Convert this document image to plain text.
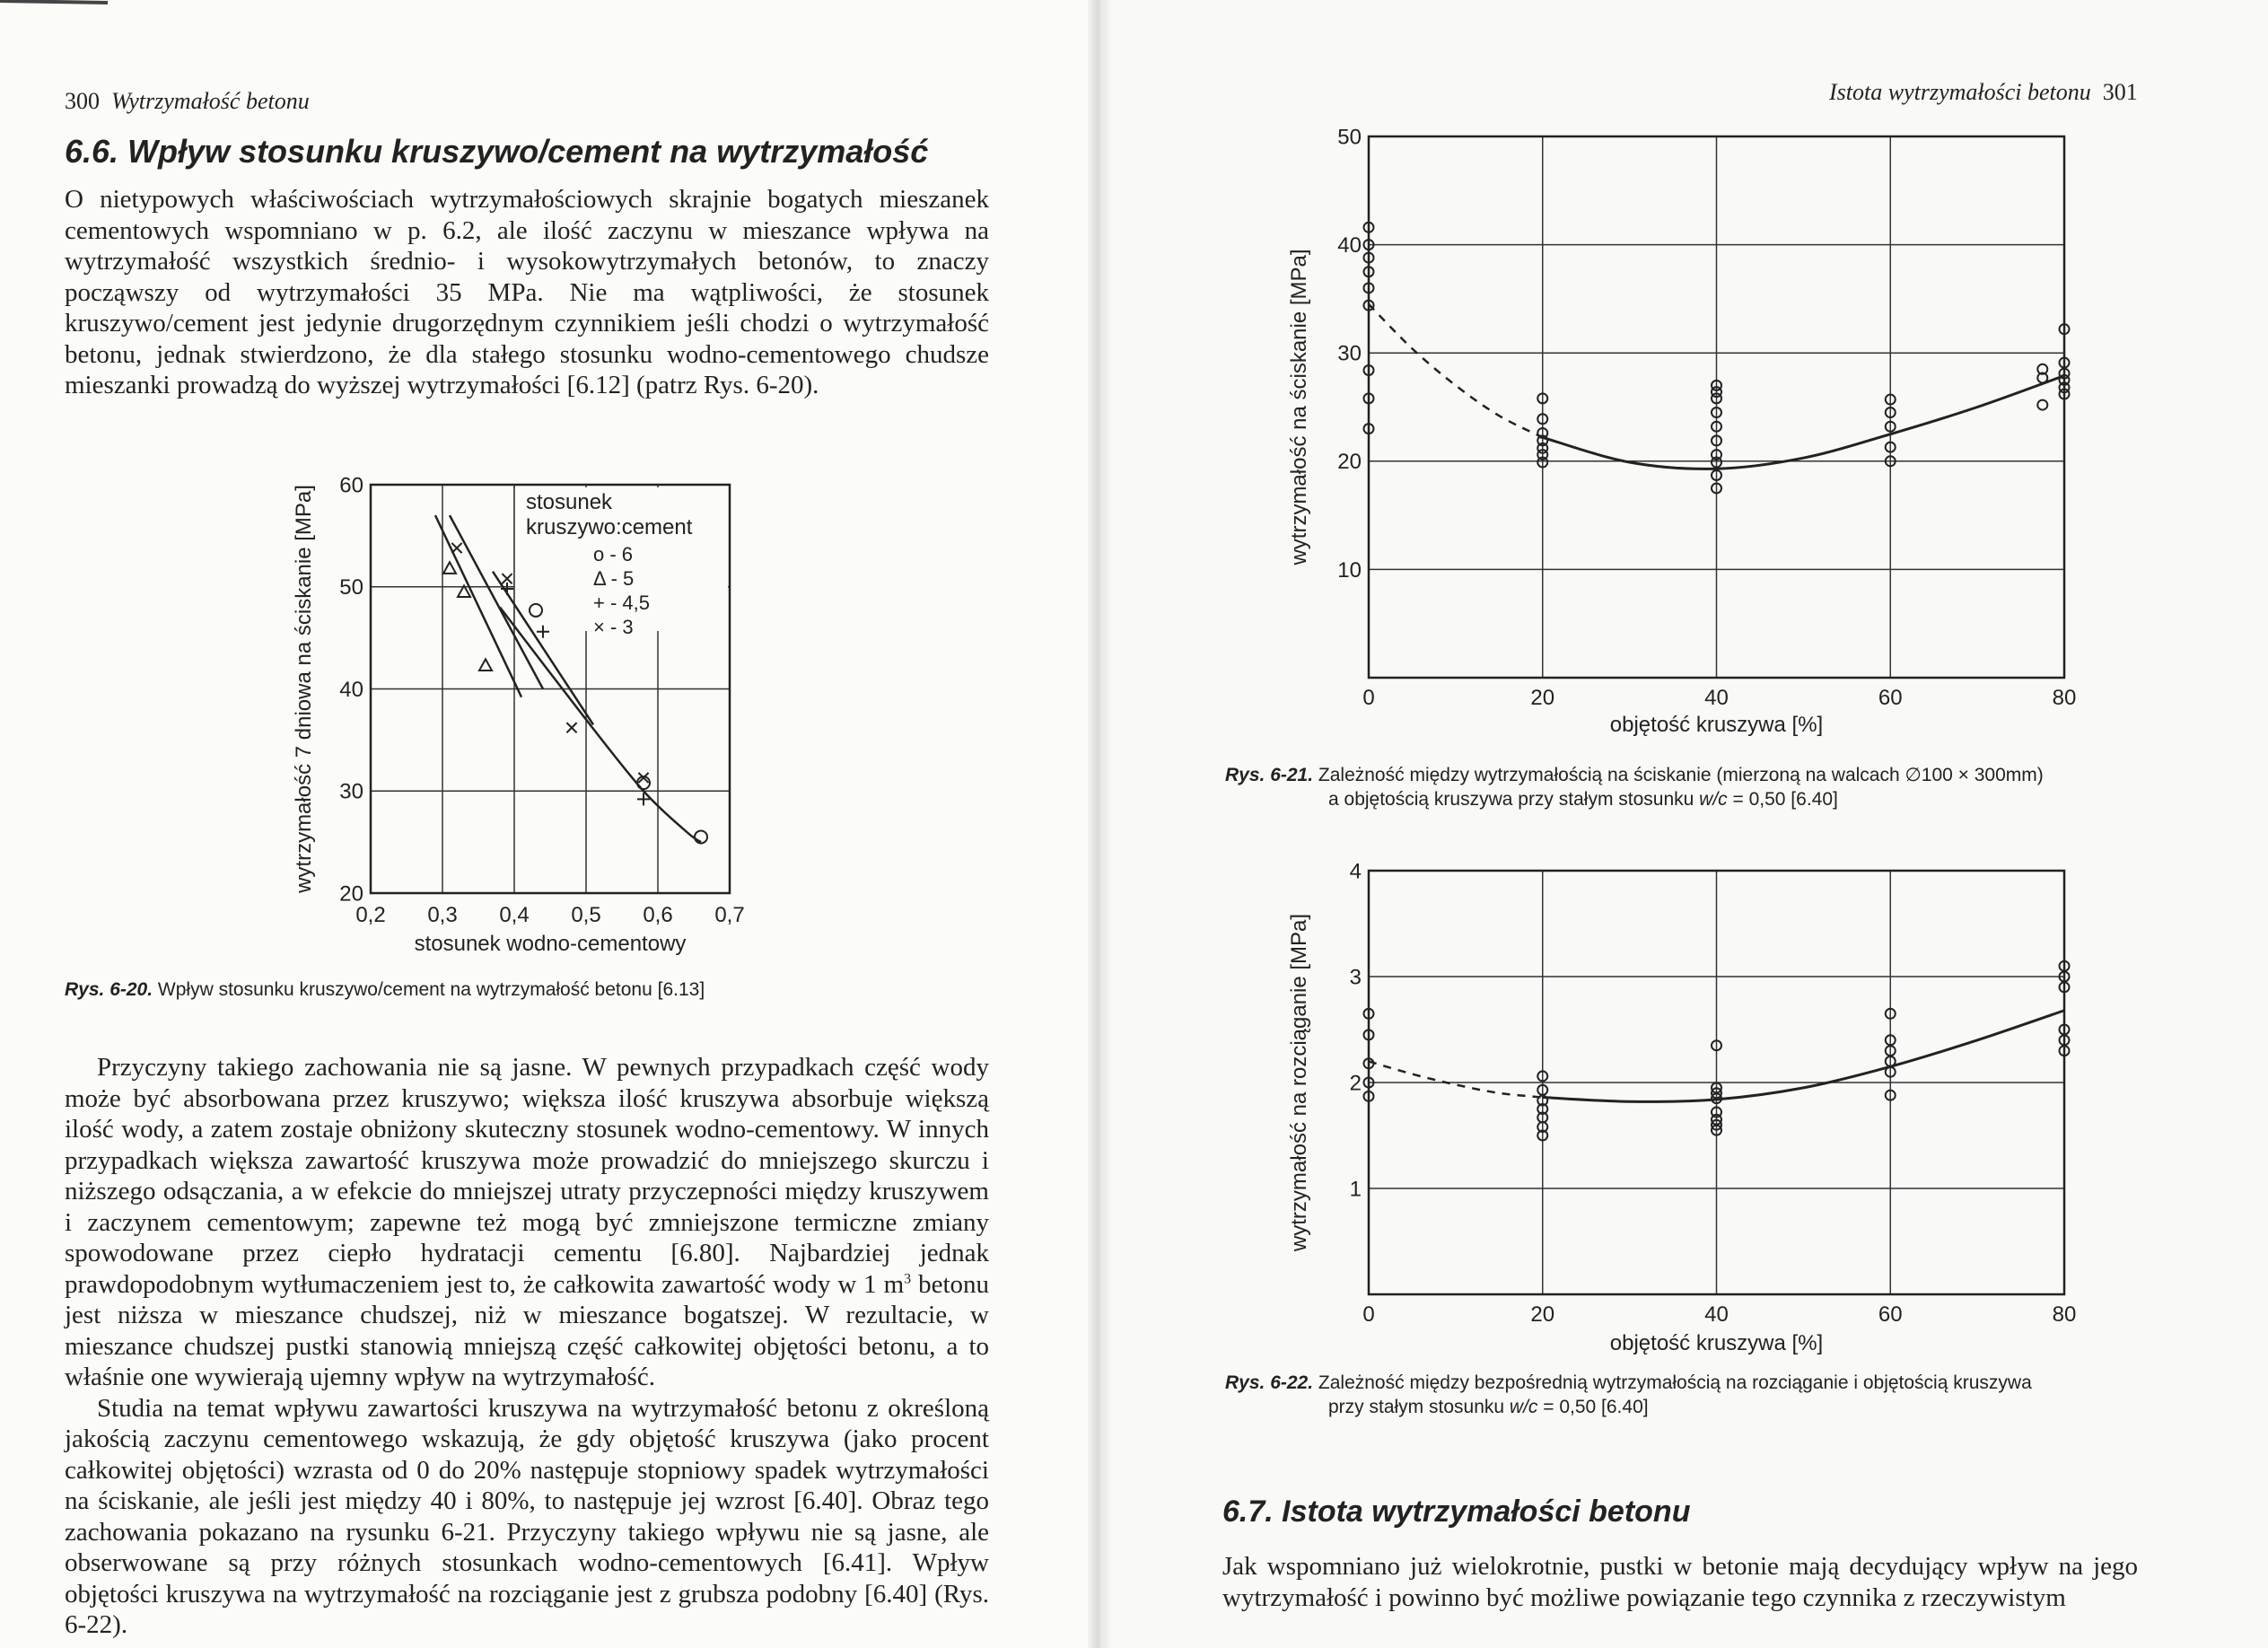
300 Wytrzymałość betonu
6.6. Wpływ stosunku kruszywo/cement na wytrzymałość

O nietypowych właściwościach wytrzymałościowych skrajnie bogatych mieszanek cementowych wspomniano w p. 6.2, ale ilość zaczynu w mieszance wpływa na wytrzymałość wszystkich średnio- i wysokowytrzymałych betonów, to znaczy począwszy od wytrzymałości 35 MPa. Nie ma wątpliwości, że stosunek kruszywo/cement jest jedynie drugorzędnym czynnikiem jeśli chodzi o wytrzymałość betonu, jednak stwierdzono, że dla stałego stosunku wodno-cementowego chudsze mieszanki prowadzą do wyższej wytrzymałości [6.12] (patrz Rys. 6-20).

0,2 0,3 0,4 0,5 0,6 0,7
20
30
40
50
60
stosunek wodno-cementowy
wytrzymałość 7 dniowa na ściskanie [MPa]	stosunek
kruszywo:cement
o - 6
Δ - 5
+ - 4,5
× - 3
Rys. 6-20. Wpływ stosunku kruszywo/cement na wytrzymałość betonu [6.13]

Przyczyny takiego zachowania nie są jasne. W pewnych przypadkach część wody może być absorbowana przez kruszywo; większa ilość kruszywa absorbuje większą ilość wody, a zatem zostaje obniżony skuteczny stosunek wodno-cementowy. W innych przypadkach większa zawartość kruszywa może prowadzić do mniejszego skurczu i niższego odsączania, a w efekcie do mniejszej utraty przyczepności między kruszywem i zaczynem cementowym; zapewne też mogą być zmniejszone termiczne zmiany spowodowane przez ciepło hydratacji cementu [6.80]. Najbardziej jednak prawdopodobnym wytłumaczeniem jest to, że całkowita zawartość wody w 1 $m^3$ betonu jest niższa w mieszance chudszej, niż w mieszance bogatszej. W rezultacie, w mieszance chudszej pustki stanowią mniejszą część całkowitej objętości betonu, a to właśnie one wywierają ujemny wpływ na wytrzymałość.

Studia na temat wpływu zawartości kruszywa na wytrzymałość betonu z określoną jakością zaczynu cementowego wskazują, że gdy objętość kruszywa (jako procent całkowitej objętości) wzrasta od 0 do 20% następuje stopniowy spadek wytrzymałości na ściskanie, ale jeśli jest między 40 i 80%, to następuje jej wzrost [6.40]. Obraz tego zachowania pokazano na rysunku 6-21. Przyczyny takiego wpływu nie są jasne, ale obserwowane są przy różnych stosunkach wodno-cementowych [6.41]. Wpływ objętości kruszywa na wytrzymałość na rozciąganie jest z grubsza podobny [6.40] (Rys. 6-22).

Istota wytrzymałości betonu 301
0	20	40	60	80
10
20
30
40
50
objętość kruszywa [%]
wytrzymałość na ściskanie [MPa]
Rys. 6-21. Zależność między wytrzymałością na ściskanie (mierzoną na walcach ∅100 × 300mm)
a objętością kruszywa przy stałym stosunku w/c = 0,50 [6.40]
0	20	40	60	80
1
2
3
4
objętość kruszywa [%]
wytrzymałość na rozciąganie [MPa]
Rys. 6-22. Zależność między bezpośrednią wytrzymałością na rozciąganie i objętością kruszywa
przy stałym stosunku w/c = 0,50 [6.40]
6.7. Istota wytrzymałości betonu

Jak wspomniano już wielokrotnie, pustki w betonie mają decydujący wpływ na jego wytrzymałość i powinno być możliwe powiązanie tego czynnika z rzeczywistym
